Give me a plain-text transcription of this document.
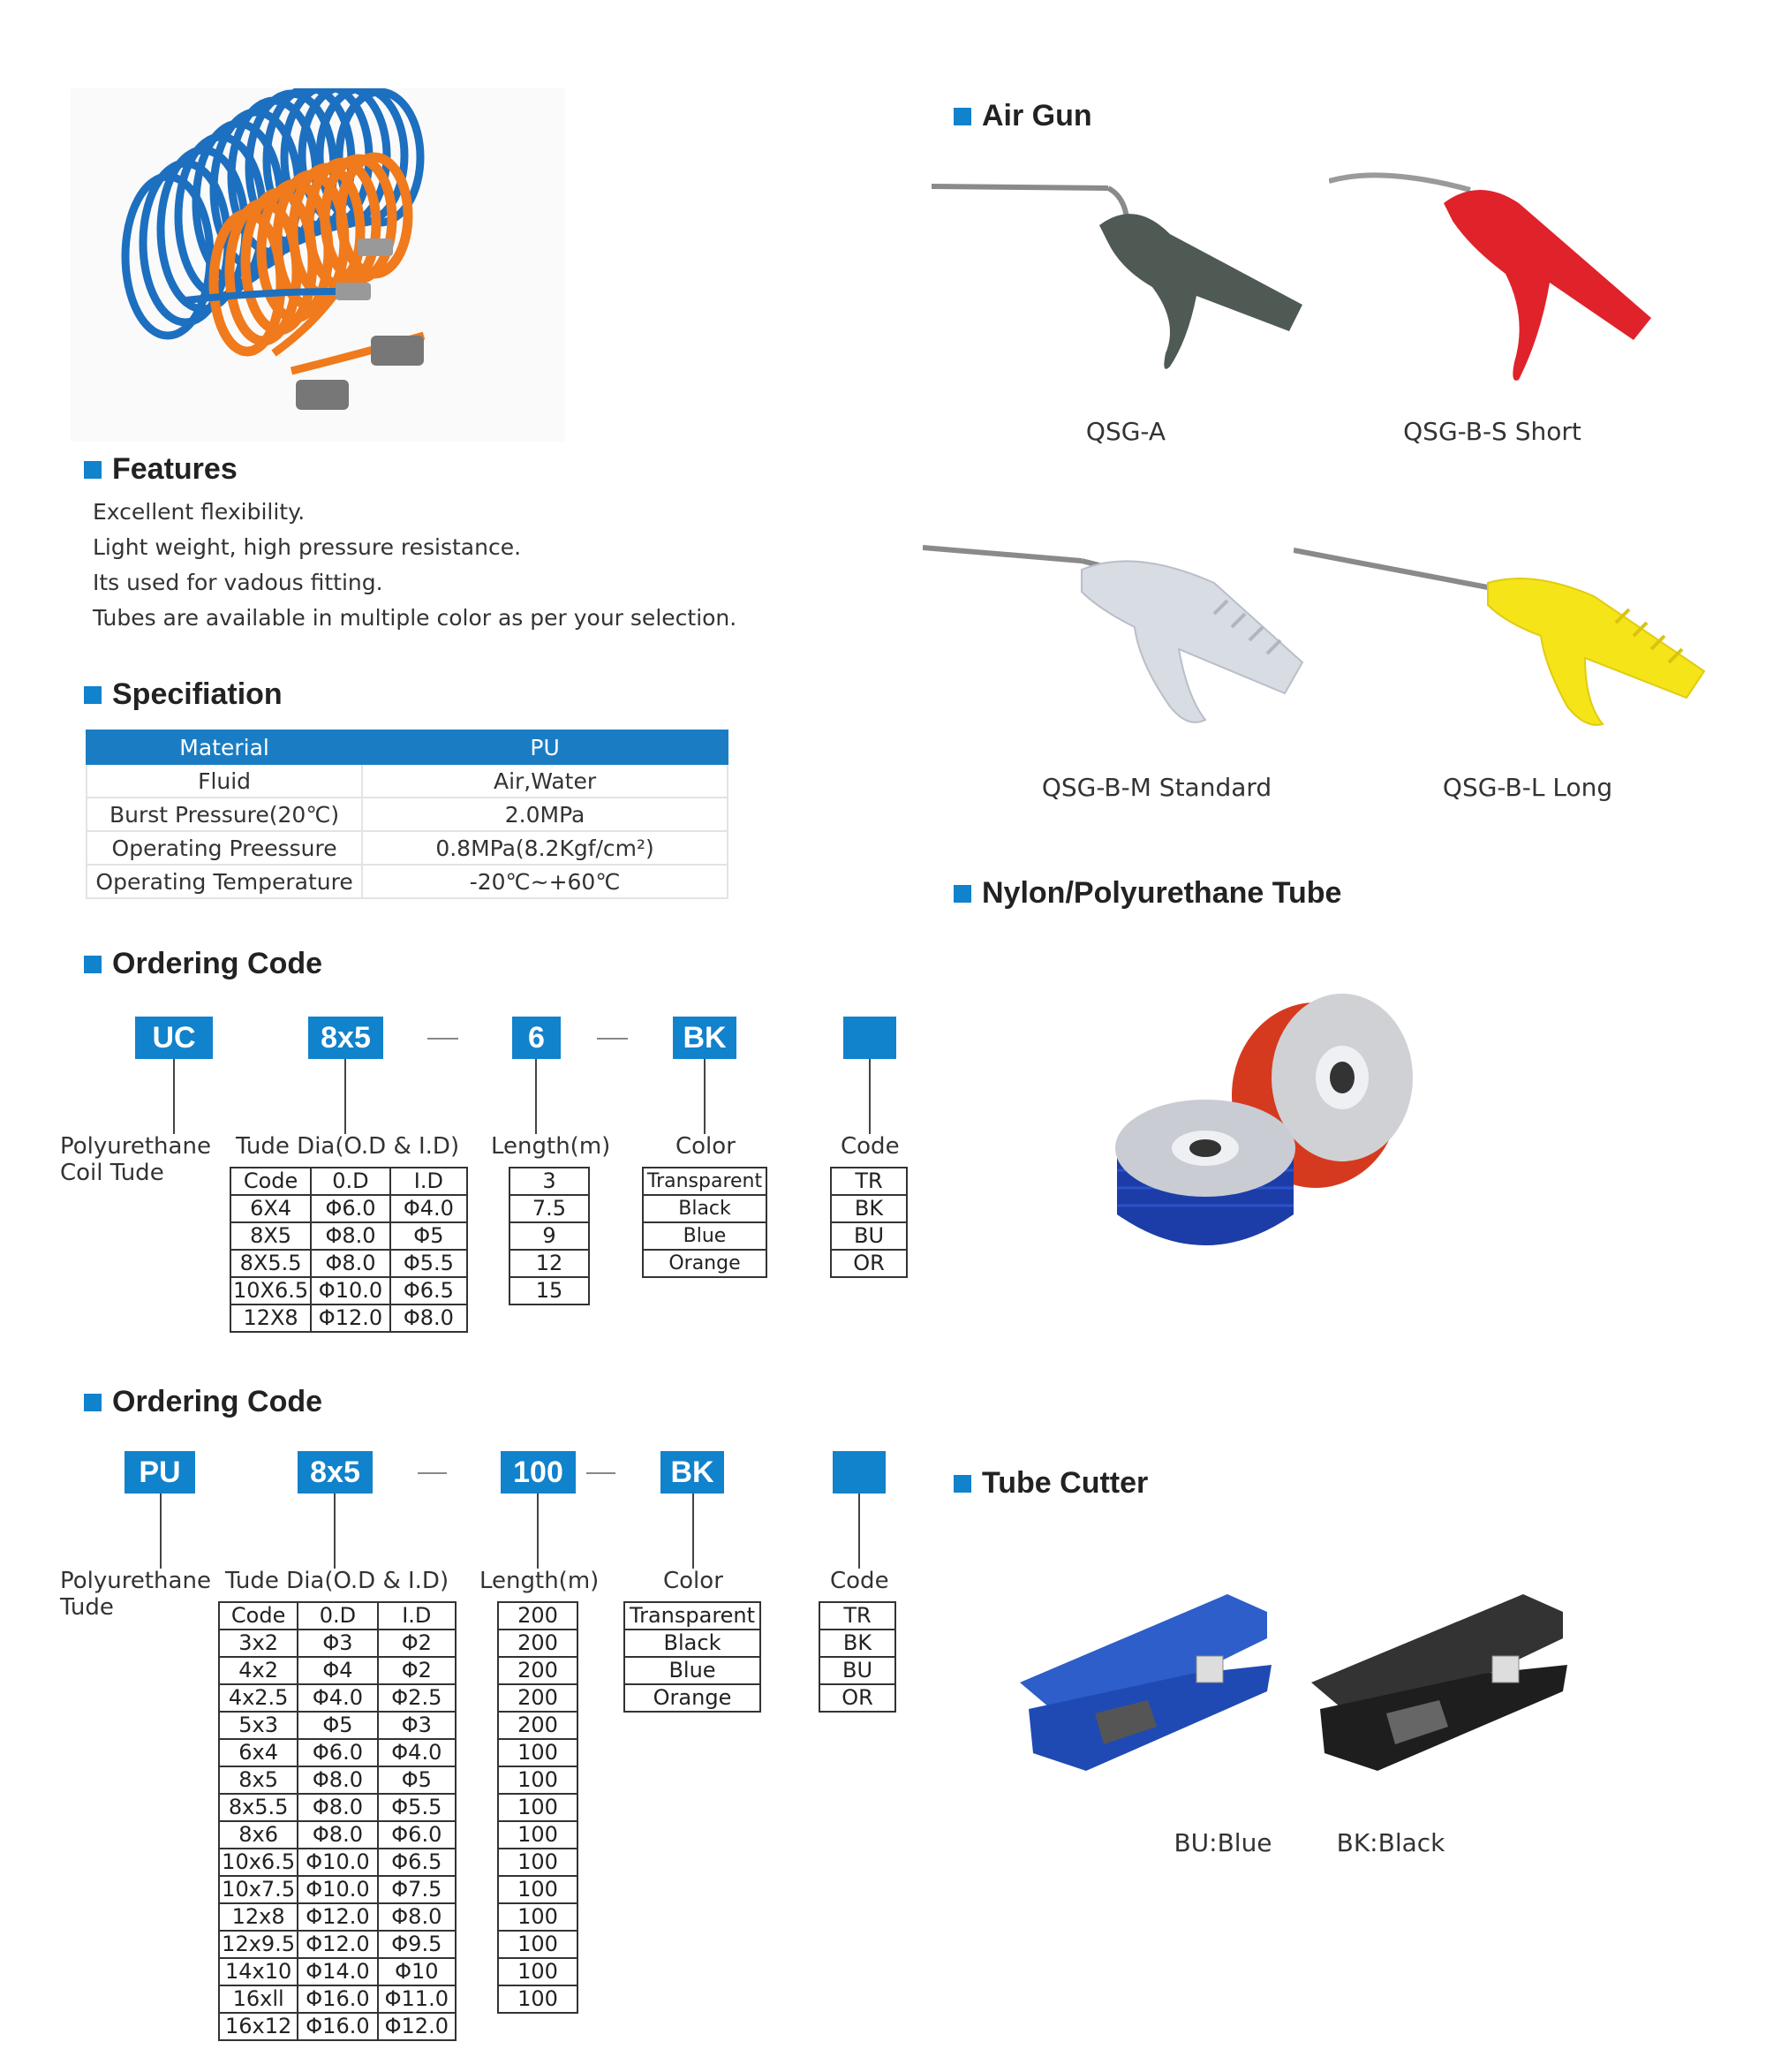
Features
Excellent flexibility.
Light weight, high pressure resistance.
Its used for vadous fitting.
Tubes are available in multiple color as per your selection.
Specifiation
Material	PU
Fluid	Air,Water
Burst Pressure(20℃)	2.0MPa
Operating Preessure	0.8MPa(8.2Kgf/cm²)
Operating Temperature	-20℃~+60℃
Ordering Code
UC	8x5	6	BK
Polyurethane
Coil Tude
Tude Dia(O.D & I.D) Length(m)	Color	Code
Code	0.D	I.D
6X4	Φ6.0	Φ4.0
8X5	Φ8.0	Φ5
8X5.5	Φ8.0	Φ5.5
10X6.5	Φ10.0	Φ6.5
12X8	Φ12.0	Φ8.0
3
7.5
9
12
15
Transparent
Black
Blue
Orange
TR
BK
BU
OR
Ordering Code
PU	8x5	100	BK
Polyurethane
Tude
Tude Dia(O.D & I.D) Length(m)	Color	Code
Code	0.D	I.D
3x2	Φ3	Φ2
4x2	Φ4	Φ2
4x2.5	Φ4.0	Φ2.5
5x3	Φ5	Φ3
6x4	Φ6.0	Φ4.0
8x5	Φ8.0	Φ5
8x5.5	Φ8.0	Φ5.5
8x6	Φ8.0	Φ6.0
10x6.5	Φ10.0	Φ6.5
10x7.5	Φ10.0	Φ7.5
12x8	Φ12.0	Φ8.0
12x9.5	Φ12.0	Φ9.5
14x10	Φ14.0	Φ10
16xll	Φ16.0	Φ11.0
16x12	Φ16.0	Φ12.0
200
200
200
200
200
100
100
100
100
100
100
100
100
100
100
Transparent
Black
Blue
Orange
TR
BK
BU
OR
Air Gun
QSG-A	QSG-B-S Short
QSG-B-M Standard	QSG-B-L Long
Nylon/Polyurethane Tube
Tube Cutter
BU:Blue	BK:Black
